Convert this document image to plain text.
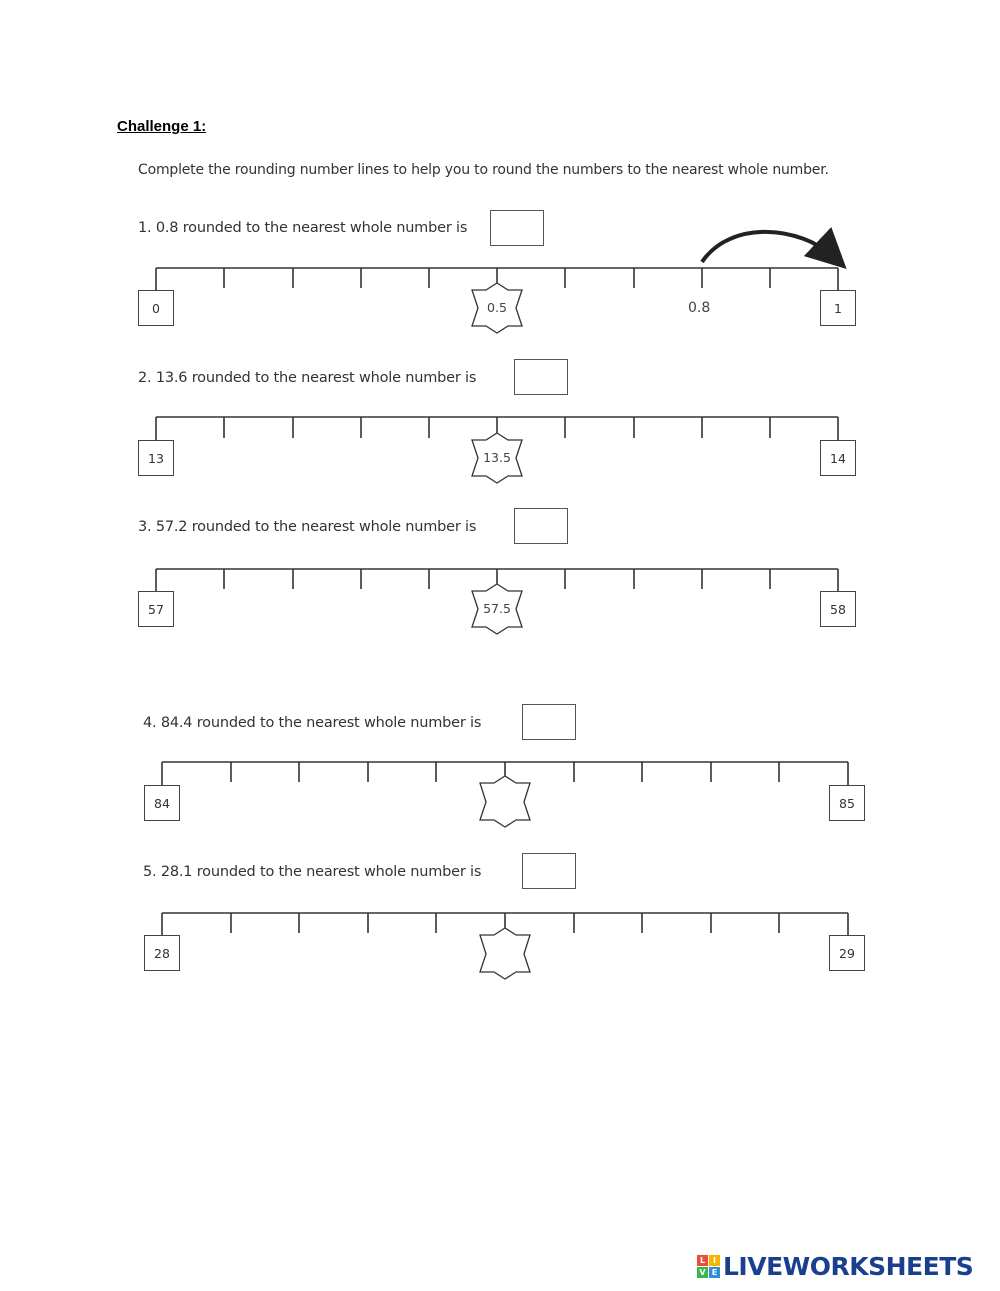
Challenge 1:
Complete the rounding number lines to help you to round the numbers to the nearest whole number.
1. 0.8 rounded to the nearest whole number is
0	1
0.5	0.8
2. 13.6 rounded to the nearest whole number is
13	14
13.5
3. 57.2 rounded to the nearest whole number is
57	58
57.5
4. 84.4 rounded to the nearest whole number is
84	85
5. 28.1 rounded to the nearest whole number is
28	29
L I
V E LIVEWORKSHEETS
